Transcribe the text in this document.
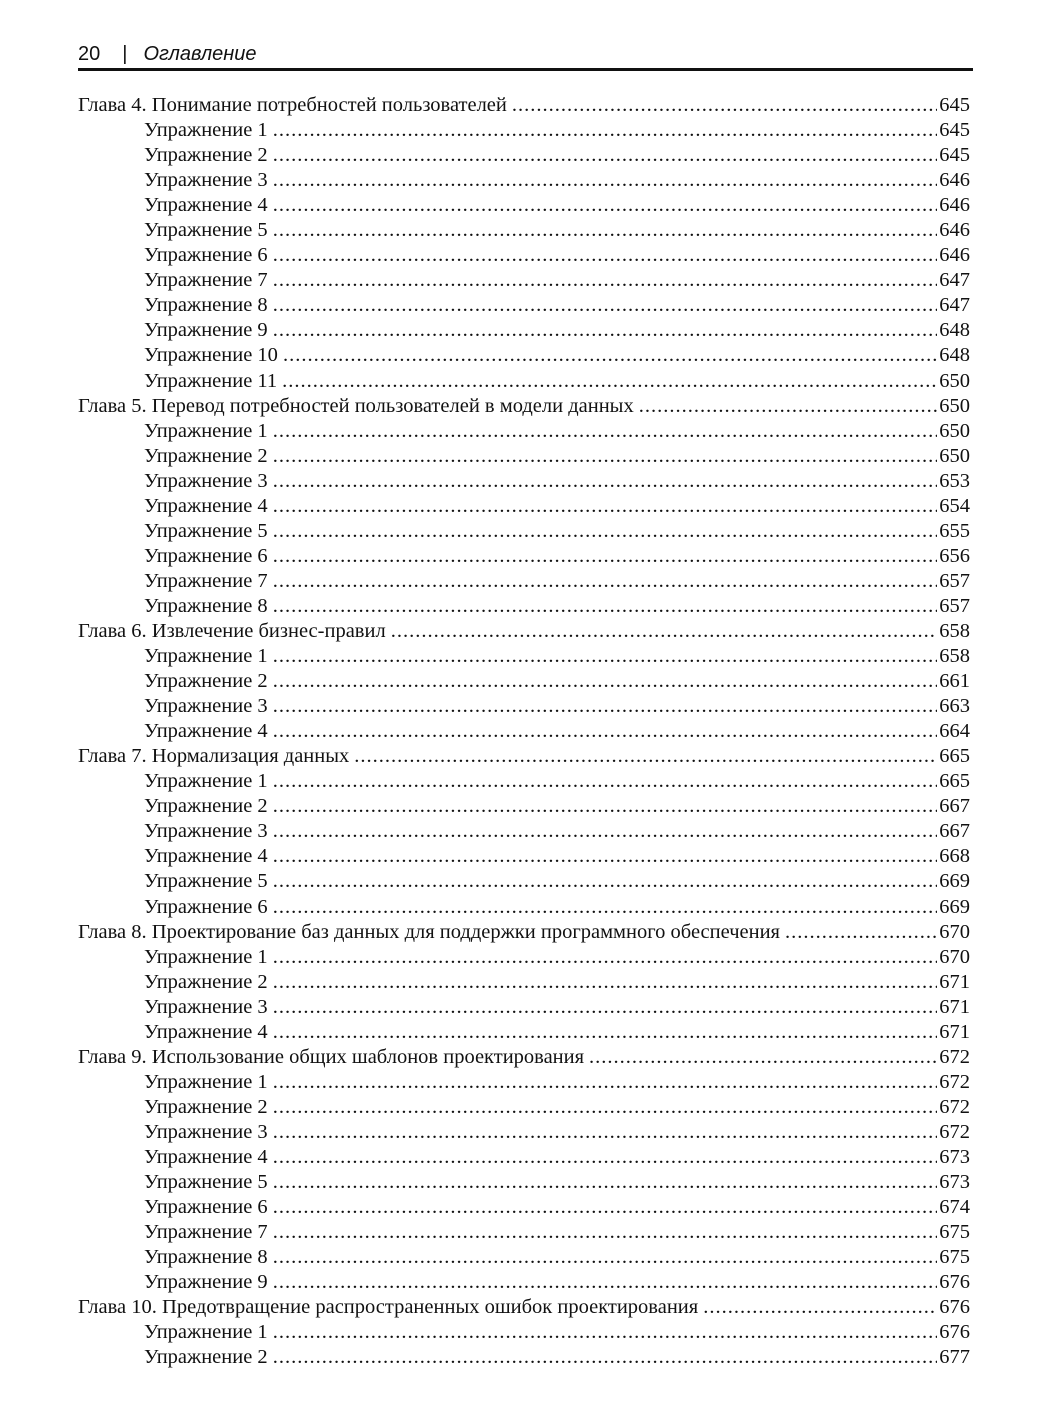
20 | Оглавление
Глава 4. Понимание потребностей пользователей .....	645
Упражнение 1 .....	645
Упражнение 2 .....	645
Упражнение 3 .....	646
Упражнение 4 .....	646
Упражнение 5 .....	646
Упражнение 6 .....	646
Упражнение 7 .....	647
Упражнение 8 .....	647
Упражнение 9 .....	648
Упражнение 10 .....	648
Упражнение 11 .....	650
Глава 5. Перевод потребностей пользователей в модели данных .....	650
Упражнение 1 .....	650
Упражнение 2 .....	650
Упражнение 3 .....	653
Упражнение 4 .....	654
Упражнение 5 .....	655
Упражнение 6 .....	656
Упражнение 7 .....	657
Упражнение 8 .....	657
Глава 6. Извлечение бизнес-правил .....	658
Упражнение 1 .....	658
Упражнение 2 .....	661
Упражнение 3 .....	663
Упражнение 4 .....	664
Глава 7. Нормализация данных .....	665
Упражнение 1 .....	665
Упражнение 2 .....	667
Упражнение 3 .....	667
Упражнение 4 .....	668
Упражнение 5 .....	669
Упражнение 6 .....	669
Глава 8. Проектирование баз данных для поддержки программного обеспечения .....	670
Упражнение 1 .....	670
Упражнение 2 .....	671
Упражнение 3 .....	671
Упражнение 4 .....	671
Глава 9. Использование общих шаблонов проектирования .....	672
Упражнение 1 .....	672
Упражнение 2 .....	672
Упражнение 3 .....	672
Упражнение 4 .....	673
Упражнение 5 .....	673
Упражнение 6 .....	674
Упражнение 7 .....	675
Упражнение 8 .....	675
Упражнение 9 .....	676
Глава 10. Предотвращение распространенных ошибок проектирования .....	676
Упражнение 1 .....	676
Упражнение 2 .....	677
